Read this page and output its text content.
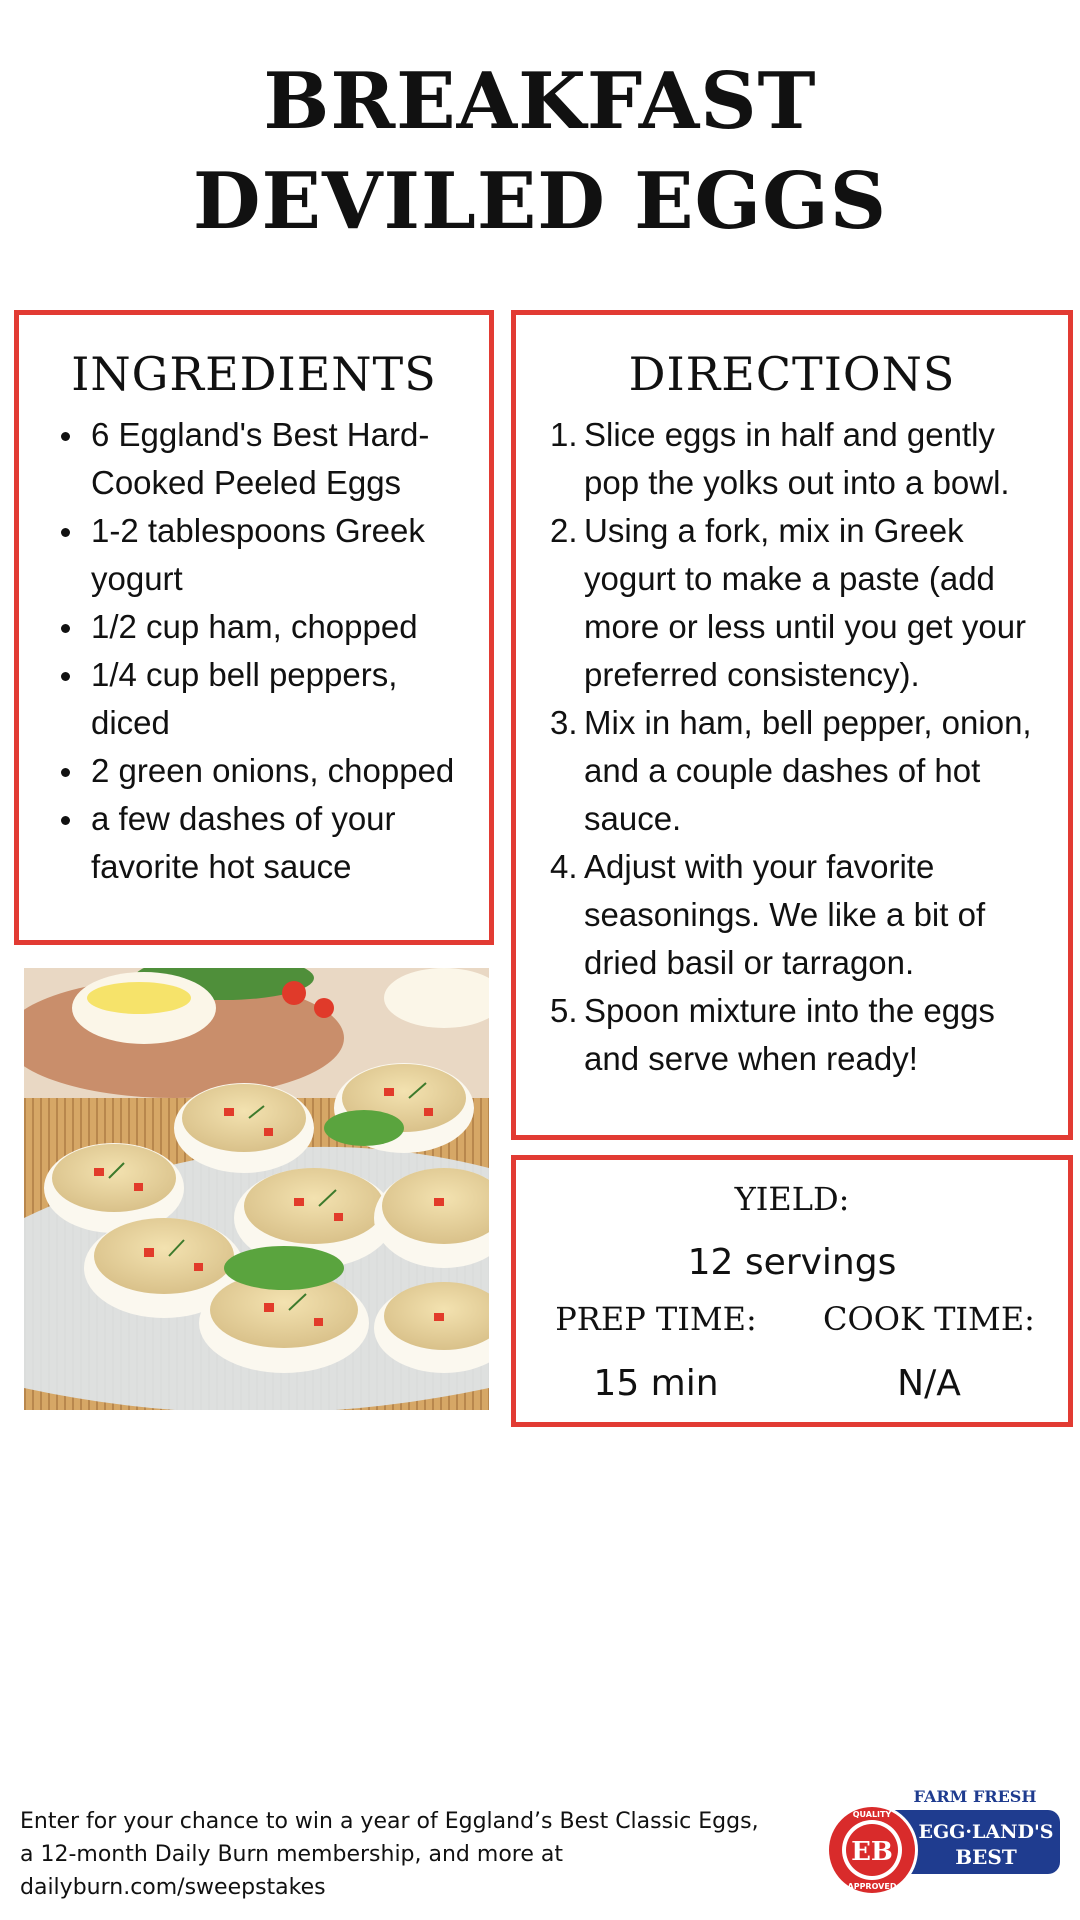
BREAKFAST
DEVILED EGGS
INGREDIENTS
6 Eggland's Best Hard-
Cooked Peeled Eggs
1-2 tablespoons Greek
yogurt
1/2 cup ham, chopped
1/4 cup bell peppers,
diced
2 green onions, chopped
a few dashes of your
favorite hot sauce
DIRECTIONS
1. Slice eggs in half and gently
pop the yolks out into a bowl.
2. Using a fork, mix in Greek
yogurt to make a paste (add
more or less until you get your
preferred consistency).
3. Mix in ham, bell pepper, onion,
and a couple dashes of hot
sauce.
4. Adjust with your favorite
seasonings. We like a bit of
dried basil or tarragon.
5. Spoon mixture into the eggs
and serve when ready!
YIELD:
12 servings
PREP TIME:	COOK TIME:
15 min	N/A
Enter for your chance to win a year of Eggland’s Best Classic Eggs,
a 12-month Daily Burn membership, and more at
dailyburn.com/sweepstakes
FARM FRESH
EB
QUALITY
APPROVED
EGG·LAND'S
BEST
